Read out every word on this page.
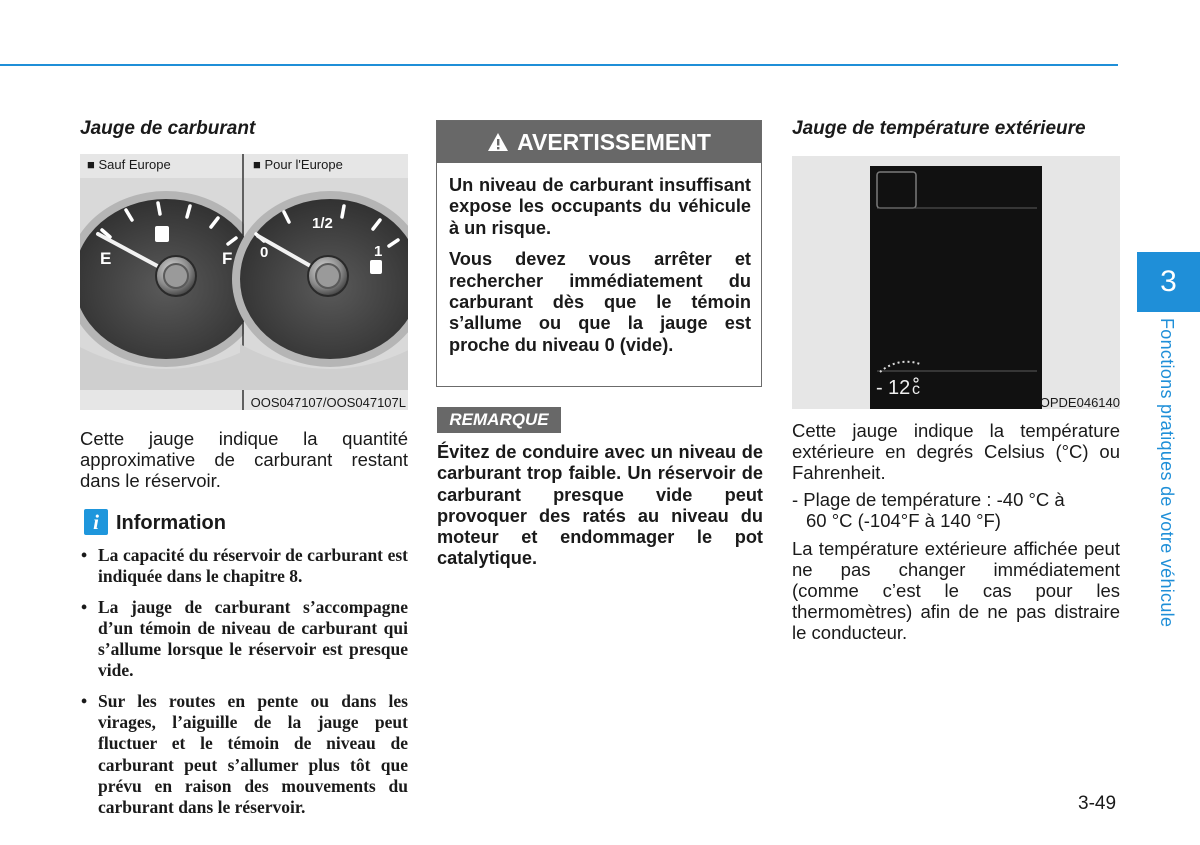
Jauge de carburant
E	F 0
1/2
1
■ Sauf Europe	■ Pour l'Europe
OOS047107/OOS047107L
Cette jauge indique la quantité approximative de carburant restant dans le réservoir.
i Information
• La capacité du réservoir de carburant est indiquée dans le chapitre 8.
• La jauge de carburant s’accompagne d’un témoin de niveau de carburant qui s’allume lorsque le réservoir est presque vide.
• Sur les routes en pente ou dans les virages, l’aiguille de la jauge peut fluctuer et le témoin de niveau de carburant peut s’allumer plus tôt que prévu en raison des mouvements du carburant dans le réservoir.
AVERTISSEMENT

Un niveau de carburant insuffisant expose les occupants du véhicule à un risque.

Vous devez vous arrêter et rechercher immédiatement du carburant dès que le témoin s’allume ou que la jauge est proche du niveau 0 (vide).

REMARQUE
Évitez de conduire avec un niveau de carburant trop faible. Un réservoir de carburant presque vide peut provoquer des ratés au niveau du moteur et endommager le pot catalytique.
Jauge de température extérieure
12 c
-
OPDE046140
Cette jauge indique la température extérieure en degrés Celsius (°C) ou Fahrenheit.
- Plage de température : -40 °C à
60 °C (-104°F à 140 °F)
La température extérieure affichée peut ne pas changer immédiatement (comme c’est le cas pour les thermomètres) afin de ne pas distraire le conducteur.
3
Fonctions pratiques de votre véhicule
3-49
